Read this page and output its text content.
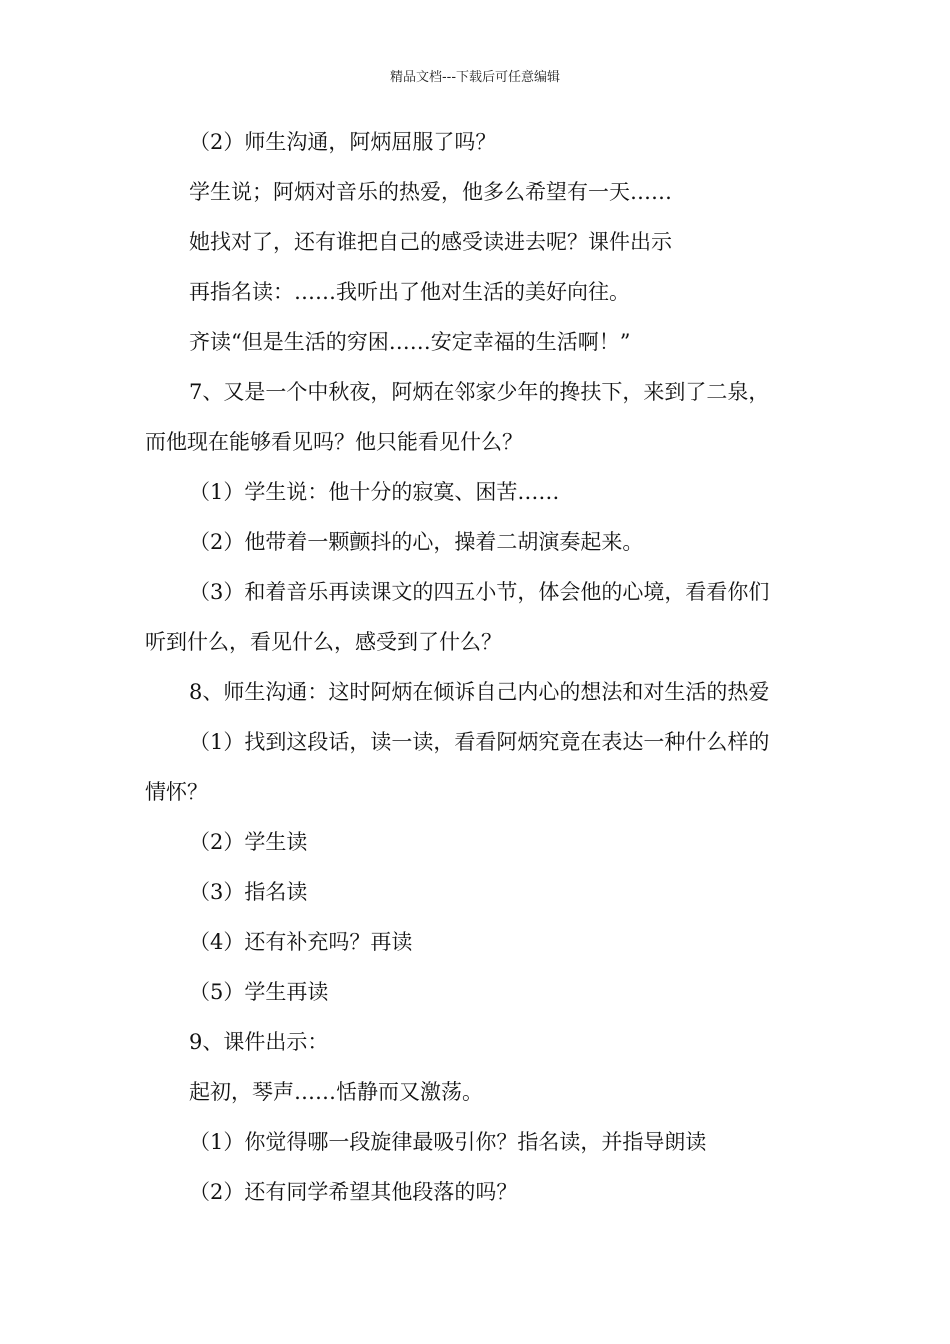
精品文档---下载后可任意编辑
（2）师生沟通，阿炳屈服了吗？
学生说；阿炳对音乐的热爱，他多么希望有一天……
她找对了，还有谁把自己的感受读进去呢？课件出示
再指名读：……我听出了他对生活的美好向往。
齐读“但是生活的穷困……安定幸福的生活啊！”
7、又是一个中秋夜，阿炳在邻家少年的搀扶下，来到了二泉，
而他现在能够看见吗？他只能看见什么？
（1）学生说：他十分的寂寞、困苦……
（2）他带着一颗颤抖的心，操着二胡演奏起来。
（3）和着音乐再读课文的四五小节，体会他的心境，看看你们
听到什么，看见什么，感受到了什么？
8、师生沟通：这时阿炳在倾诉自己内心的想法和对生活的热爱
（1）找到这段话，读一读，看看阿炳究竟在表达一种什么样的
情怀？
（2）学生读
（3）指名读
（4）还有补充吗？再读
（5）学生再读
9、课件出示：
起初，琴声……恬静而又激荡。
（1）你觉得哪一段旋律最吸引你？指名读，并指导朗读
（2）还有同学希望其他段落的吗？
